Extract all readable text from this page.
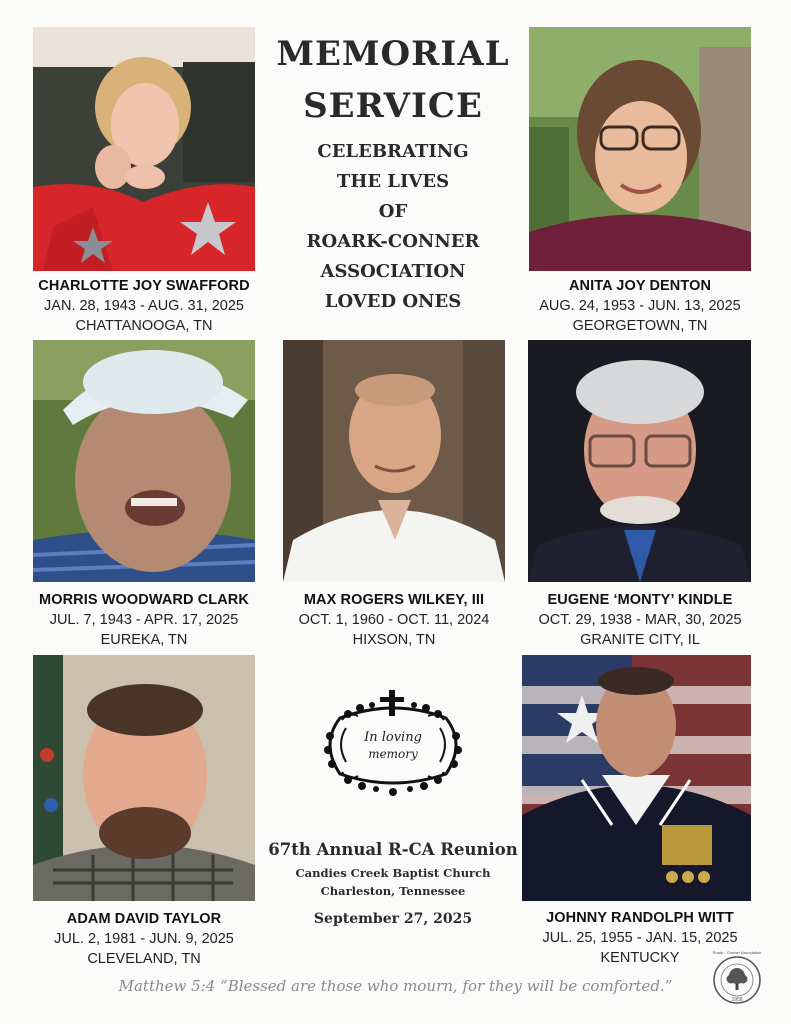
MEMORIAL
SERVICE
CELEBRATING
THE LIVES
OF
ROARK-CONNER
ASSOCIATION
LOVED ONES
CHARLOTTE JOY SWAFFORD
JAN. 28, 1943 - AUG. 31, 2025
CHATTANOOGA, TN
ANITA JOY DENTON
AUG. 24, 1953 - JUN. 13, 2025
GEORGETOWN, TN
MORRIS WOODWARD CLARK
JUL. 7, 1943 - APR. 17, 2025
EUREKA, TN
MAX ROGERS WILKEY, III
OCT. 1, 1960 - OCT. 11, 2024
HIXSON, TN
EUGENE ‘MONTY’ KINDLE
OCT. 29, 1938 - MAR, 30, 2025
GRANITE CITY, IL
ADAM DAVID TAYLOR
JUL. 2, 1981 - JUN. 9, 2025
CLEVELAND, TN
JOHNNY RANDOLPH WITT
JUL. 25, 1955 - JAN. 15, 2025
KENTUCKY
In loving
memory
67th Annual R-CA Reunion
Candies Creek Baptist Church
Charleston, Tennessee
September 27, 2025
Matthew 5:4 “Blessed are those who mourn, for they will be comforted.”
Roark - Conner Association
1958
